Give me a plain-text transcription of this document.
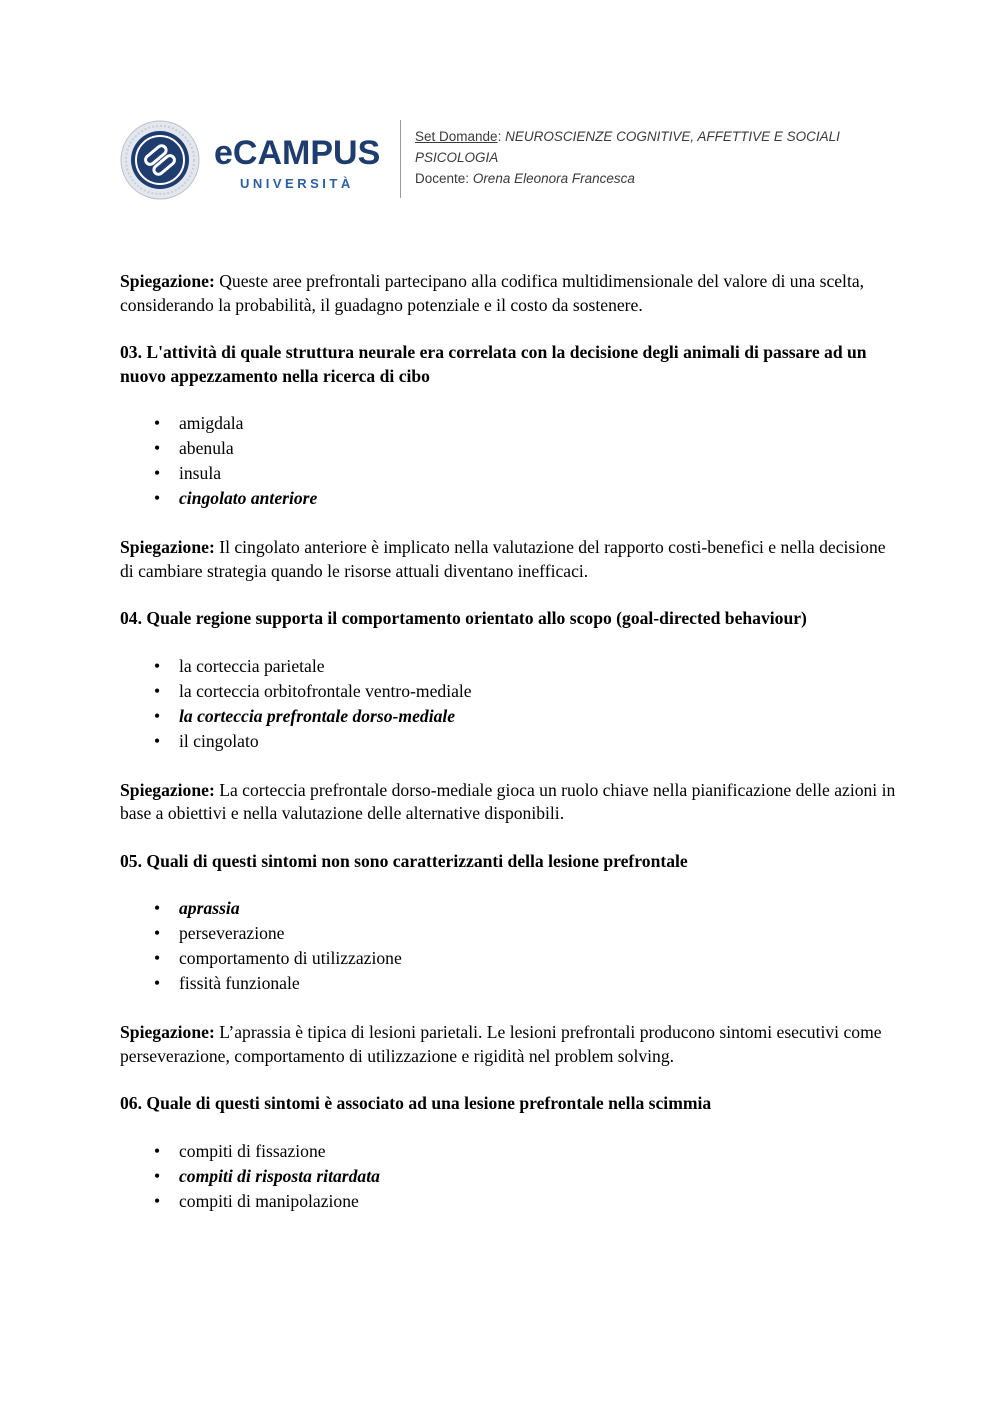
eCAMPUS
UNIVERSITÀ
Set Domande: NEUROSCIENZE COGNITIVE, AFFETTIVE E SOCIALI
PSICOLOGIA
Docente: Orena Eleonora Francesca

Spiegazione: Queste aree prefrontali partecipano alla codifica multidimensionale del valore di una scelta, considerando la probabilità, il guadagno potenziale e il costo da sostenere.

03. L'attività di quale struttura neurale era correlata con la decisione degli animali di passare ad un nuovo appezzamento nella ricerca di cibo

• amigdala
• abenula
• insula
• cingolato anteriore

Spiegazione: Il cingolato anteriore è implicato nella valutazione del rapporto costi-benefici e nella decisione di cambiare strategia quando le risorse attuali diventano inefficaci.

04. Quale regione supporta il comportamento orientato allo scopo (goal-directed behaviour)

• la corteccia parietale
• la corteccia orbitofrontale ventro-mediale
• la corteccia prefrontale dorso-mediale
• il cingolato

Spiegazione: La corteccia prefrontale dorso-mediale gioca un ruolo chiave nella pianificazione delle azioni in base a obiettivi e nella valutazione delle alternative disponibili.

05. Quali di questi sintomi non sono caratterizzanti della lesione prefrontale

• aprassia
• perseverazione
• comportamento di utilizzazione
• fissità funzionale

Spiegazione: L’aprassia è tipica di lesioni parietali. Le lesioni prefrontali producono sintomi esecutivi come perseverazione, comportamento di utilizzazione e rigidità nel problem solving.

06. Quale di questi sintomi è associato ad una lesione prefrontale nella scimmia

• compiti di fissazione
• compiti di risposta ritardata
• compiti di manipolazione
